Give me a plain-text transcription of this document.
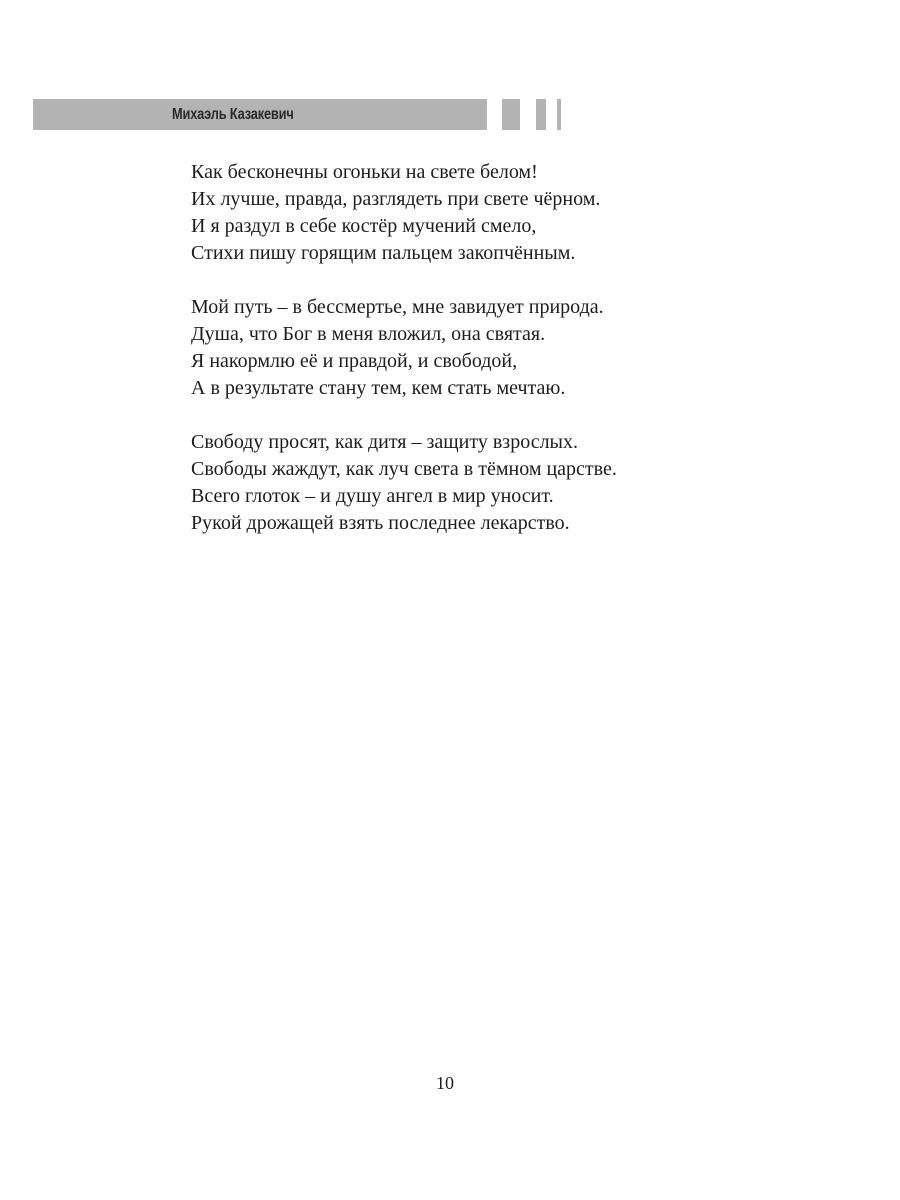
Михаэль Казакевич
Как бесконечны огоньки на свете белом!
Их лучше, правда, разглядеть при свете чёрном.
И я раздул в себе костёр мучений смело,
Стихи пишу горящим пальцем закопчённым.
Мой путь – в бессмертье, мне завидует природа.
Душа, что Бог в меня вложил, она святая.
Я накормлю её и правдой, и свободой,
А в результате стану тем, кем стать мечтаю.
Свободу просят, как дитя – защиту взрослых.
Свободы жаждут, как луч света в тёмном царстве.
Всего глоток – и душу ангел в мир уносит.
Рукой дрожащей взять последнее лекарство.
10
